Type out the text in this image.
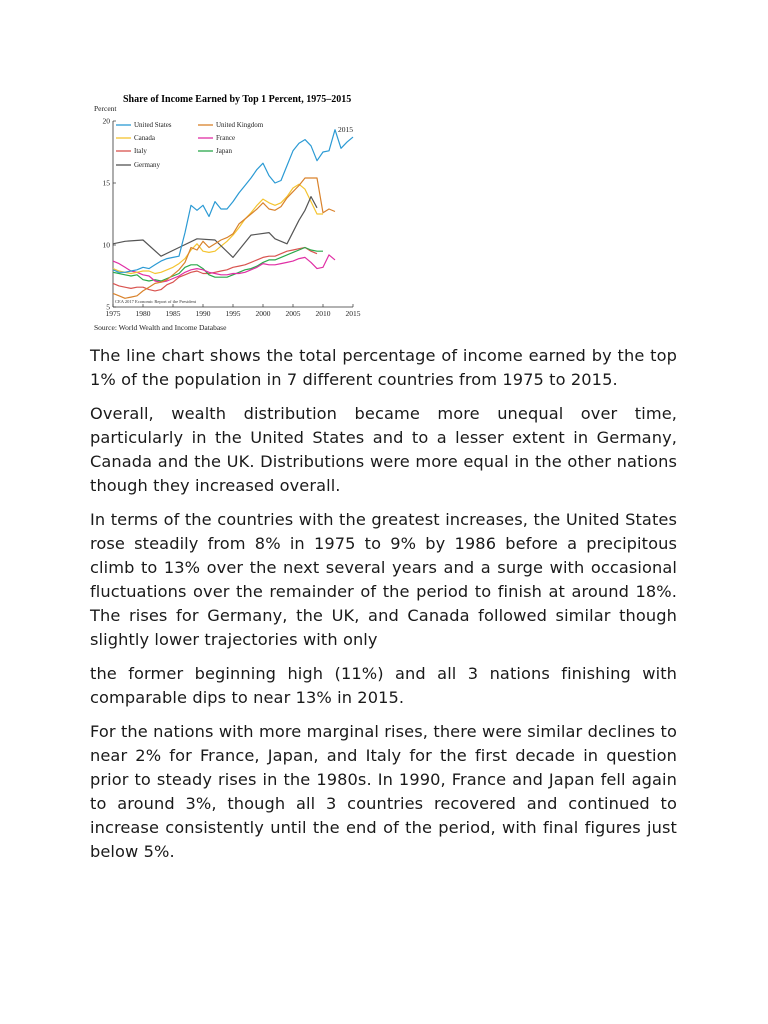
Share of Income Earned by Top 1 Percent, 1975–2015
Percent
5
10
15
20
1975 1980 1985 1990 1995 2000 2005 2010 2015
United States	United Kingdom
Canada	France
Italy	Japan
Germany
2015
CEA 2017 Economic Report of the President
Source: World Wealth and Income Database

The line chart shows the total percentage of income earned by the top 1% of the population in 7 different countries from 1975 to 2015.

Overall, wealth distribution became more unequal over time, particularly in the United States and to a lesser extent in Germany, Canada and the UK. Distributions were more equal in the other nations though they increased overall.

In terms of the countries with the greatest increases, the United States rose steadily from 8% in 1975 to 9% by 1986 before a precipitous climb to 13% over the next several years and a surge with occasional fluctuations over the remainder of the period to finish at around 18%. The rises for Germany, the UK, and Canada followed similar though slightly lower trajectories with only

the former beginning high (11%) and all 3 nations finishing with comparable dips to near 13% in 2015.

For the nations with more marginal rises, there were similar declines to near 2% for France, Japan, and Italy for the first decade in question prior to steady rises in the 1980s. In 1990, France and Japan fell again to around 3%, though all 3 countries recovered and continued to increase consistently until the end of the period, with final figures just below 5%.
